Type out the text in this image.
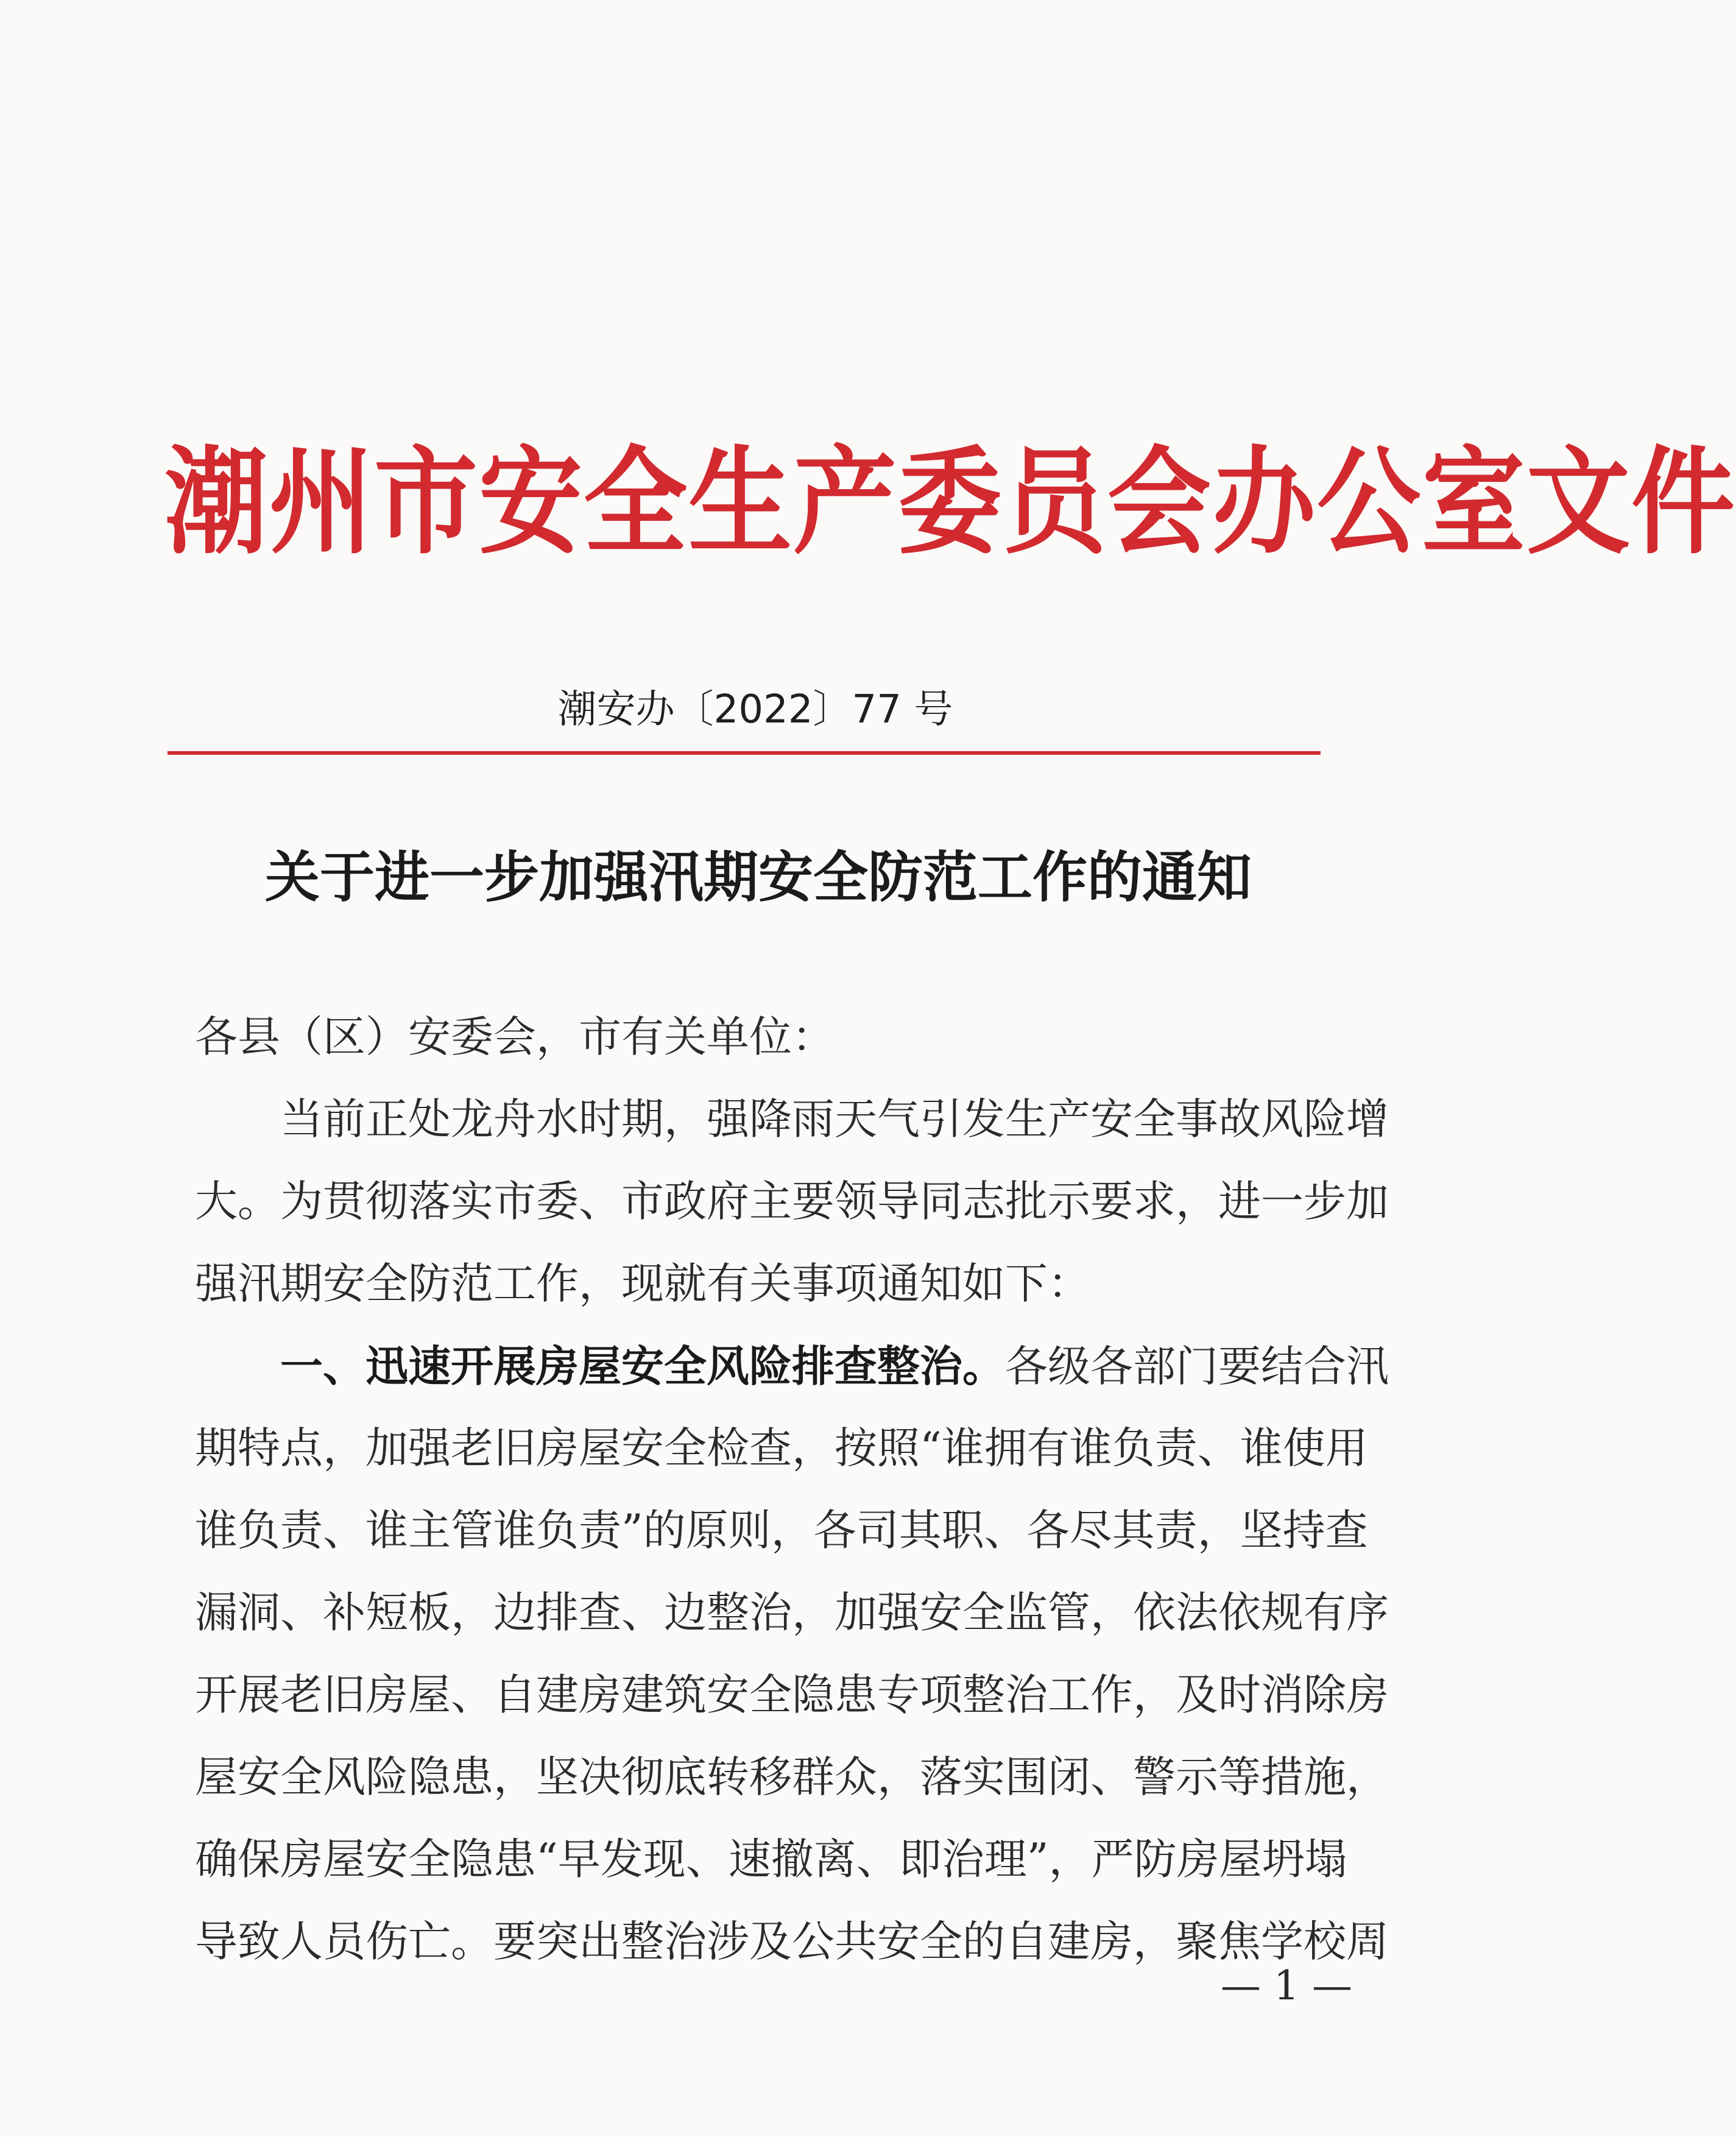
潮州市安全生产委员会办公室文件
潮安办〔2022〕77 号
关于进一步加强汛期安全防范工作的通知
各县（区）安委会，市有关单位：
当前正处龙舟水时期，强降雨天气引发生产安全事故风险增
大。为贯彻落实市委、市政府主要领导同志批示要求，进一步加
强汛期安全防范工作，现就有关事项通知如下：
一、迅速开展房屋安全风险排查整治。各级各部门要结合汛
期特点，加强老旧房屋安全检查，按照“谁拥有谁负责、谁使用
谁负责、谁主管谁负责”的原则，各司其职、各尽其责，坚持查
漏洞、补短板，边排查、边整治，加强安全监管，依法依规有序
开展老旧房屋、自建房建筑安全隐患专项整治工作，及时消除房
屋安全风险隐患，坚决彻底转移群众，落实围闭、警示等措施，
确保房屋安全隐患“早发现、速撤离、即治理”，严防房屋坍塌
导致人员伤亡。要突出整治涉及公共安全的自建房，聚焦学校周
— 1 —
